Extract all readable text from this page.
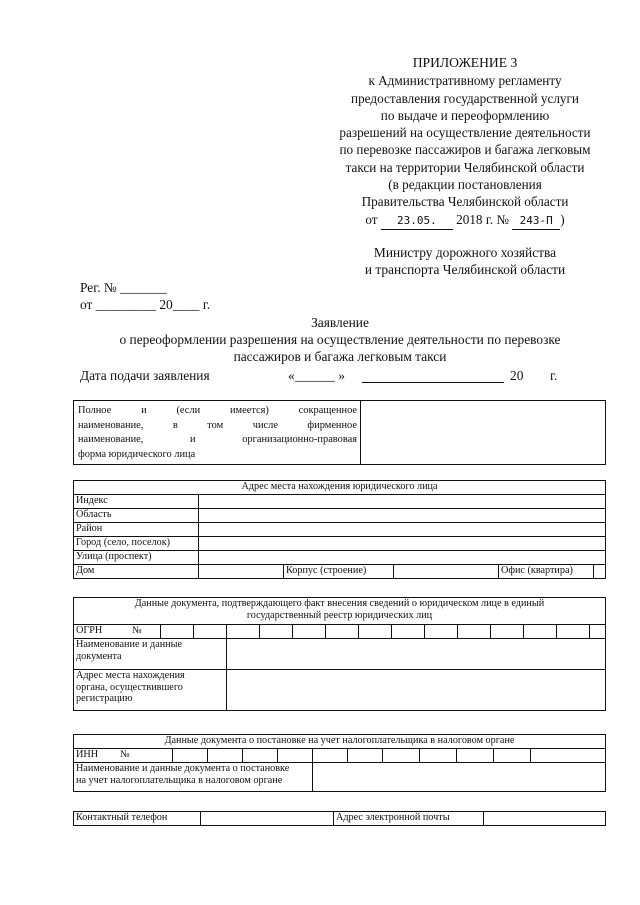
ПРИЛОЖЕНИЕ 3
к Административному регламенту
предоставления государственной услуги
по выдаче и переоформлению
разрешений на осуществление деятельности
по перевозке пассажиров и багажа легковым
такси на территории Челябинской области
(в редакции постановления
Правительства Челябинской области
от 23.05. 2018 г. № 243-П )
Министру дорожного хозяйства
и транспорта Челябинской области
Рег. № _______
от _________ 20____ г.
Заявление
о переоформлении разрешения на осуществление деятельности по перевозке
пассажиров и багажа легковым такси
Дата подачи заявления	«______ »	20 г.
Полное и (если имеется) сокращенное
наименование, в том числе фирменное
наименование, и организационно-правовая
форма юридического лица

Адрес места нахождения юридического лица					
Индекс					
Область					
Район					
Город (село, поселок)					
Улица (проспект)					
Дом		Корпус (строение)		Офис (квартира)	
Данные документа, подтверждающего факт внесения сведений о юридическом лице в единый
государственный реестр юридических лиц															

ОГРН	№														

Наименование и данные
документа															

Адрес места нахождения
органа, осуществившего
регистрацию															

Данные документа о постановке на учет налогоплательщика в налоговом органе												
ИНН	№											

Наименование и данные документа о постановке
на учет налогоплательщика в налоговом органе												

Контактный телефон		Адрес электронной почты	
